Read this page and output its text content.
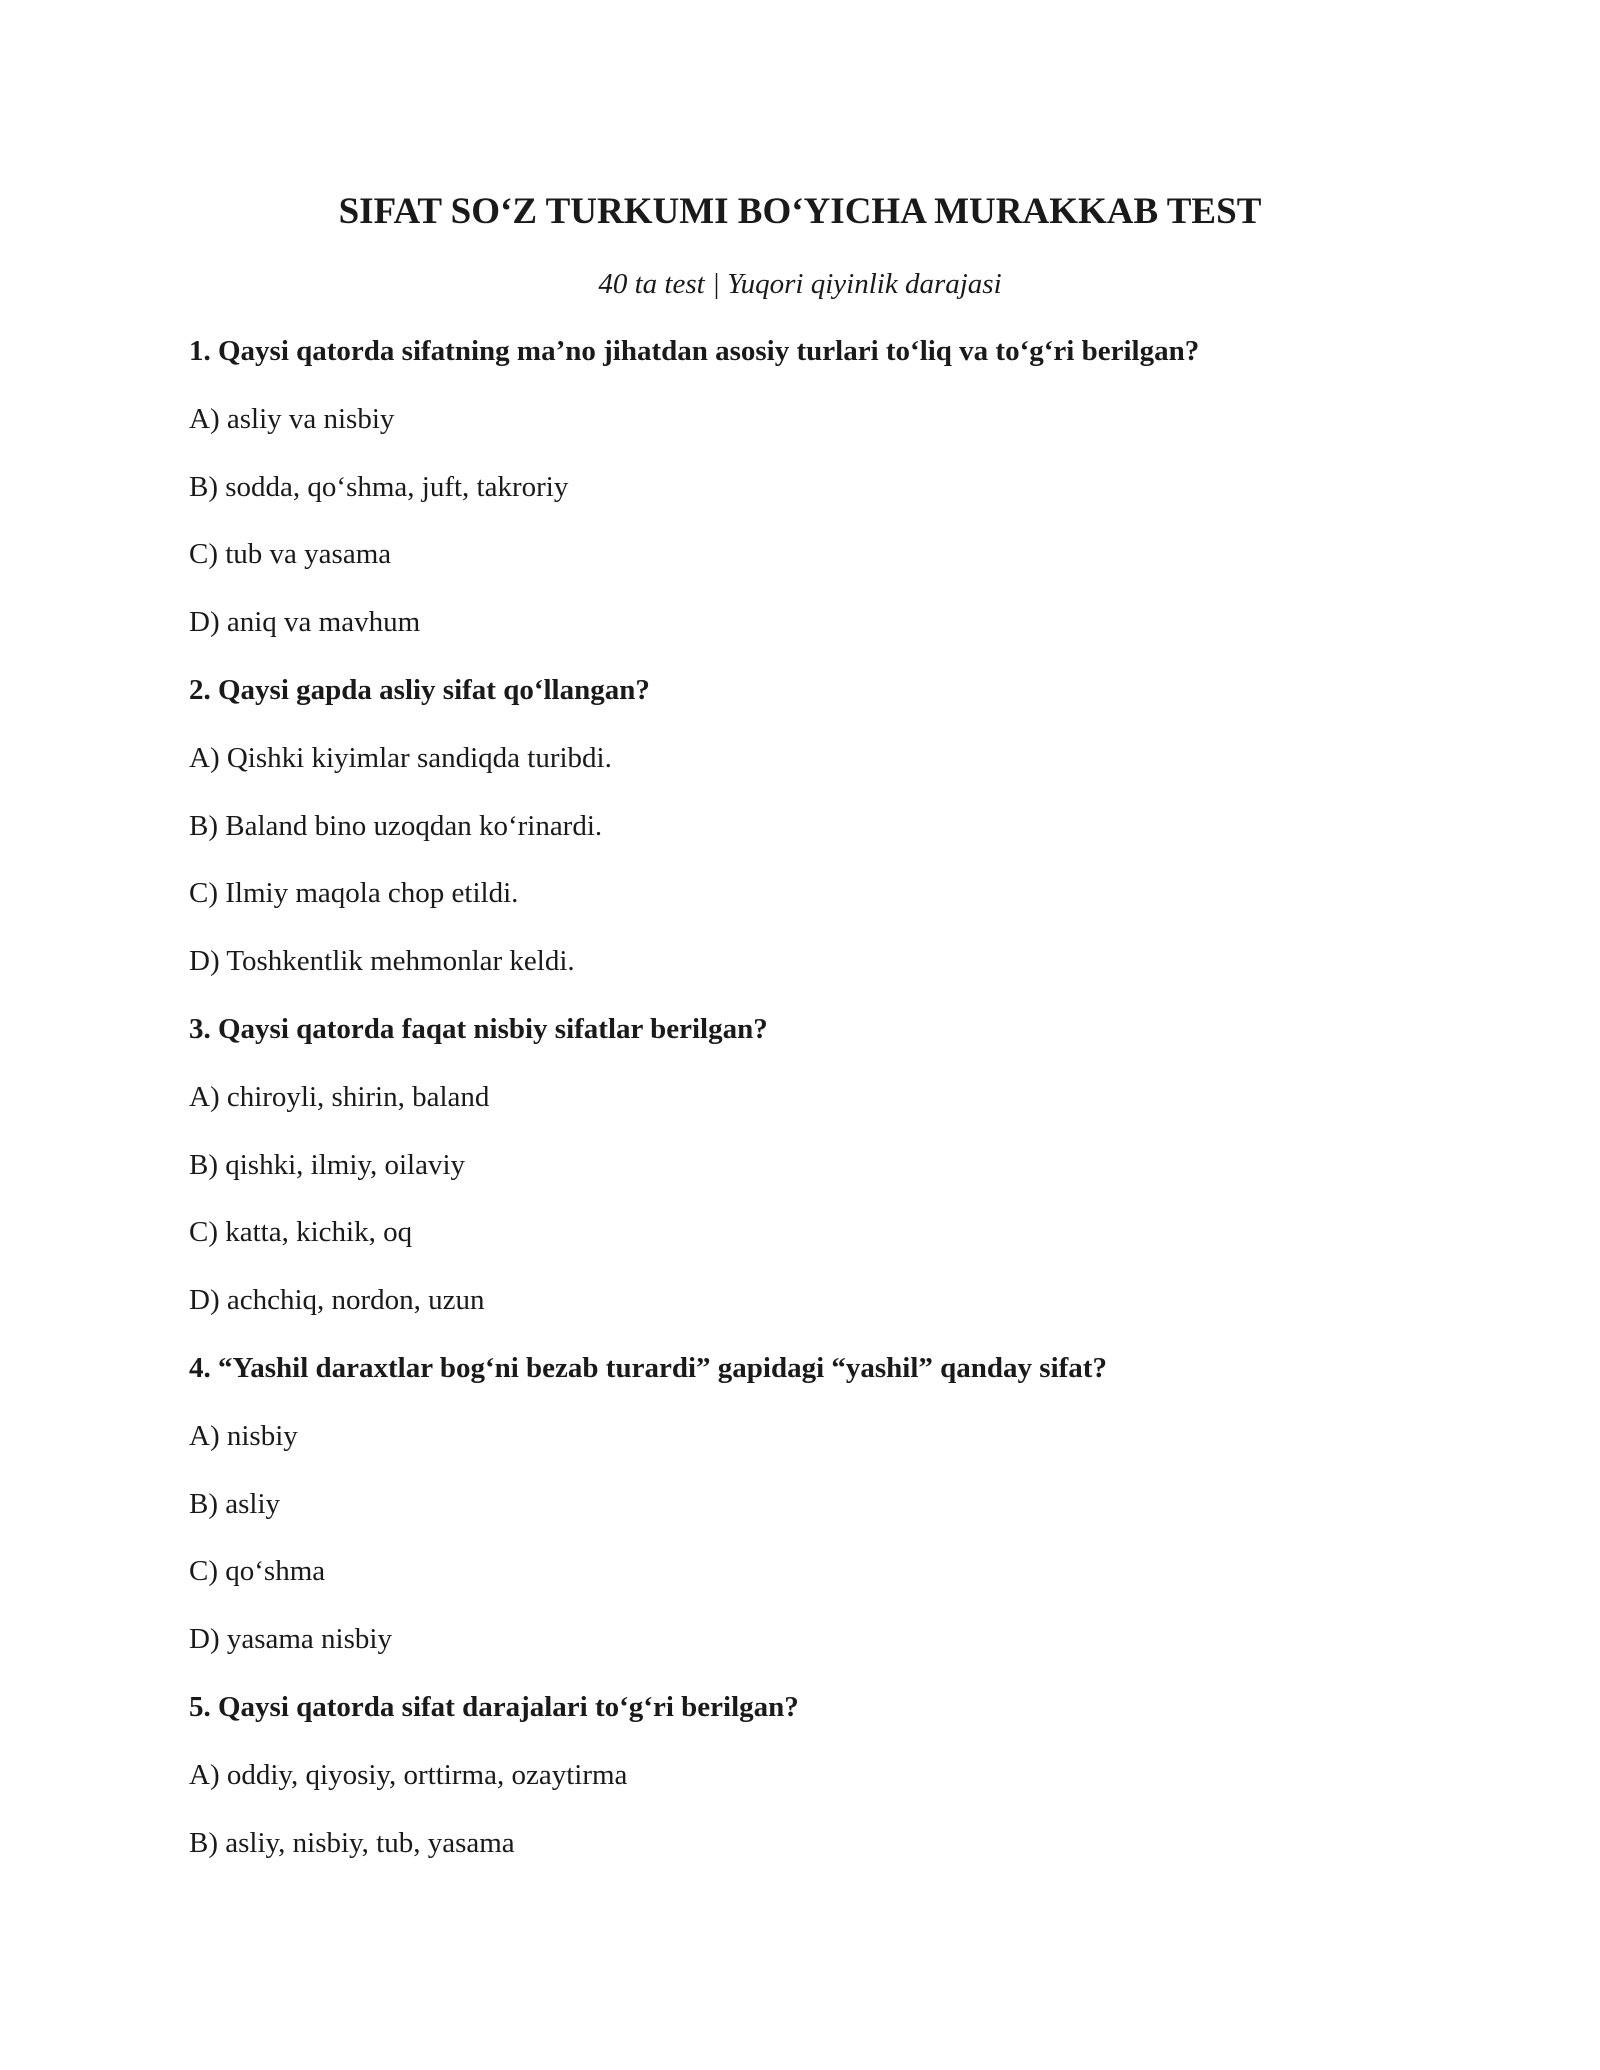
SIFAT SO‘Z TURKUMI BO‘YICHA MURAKKAB TEST
40 ta test | Yuqori qiyinlik darajasi
1. Qaysi qatorda sifatning ma’no jihatdan asosiy turlari to‘liq va to‘g‘ri berilgan?
A) asliy va nisbiy
B) sodda, qo‘shma, juft, takroriy
C) tub va yasama
D) aniq va mavhum
2. Qaysi gapda asliy sifat qo‘llangan?
A) Qishki kiyimlar sandiqda turibdi.
B) Baland bino uzoqdan ko‘rinardi.
C) Ilmiy maqola chop etildi.
D) Toshkentlik mehmonlar keldi.
3. Qaysi qatorda faqat nisbiy sifatlar berilgan?
A) chiroyli, shirin, baland
B) qishki, ilmiy, oilaviy
C) katta, kichik, oq
D) achchiq, nordon, uzun
4. “Yashil daraxtlar bog‘ni bezab turardi” gapidagi “yashil” qanday sifat?
A) nisbiy
B) asliy
C) qo‘shma
D) yasama nisbiy
5. Qaysi qatorda sifat darajalari to‘g‘ri berilgan?
A) oddiy, qiyosiy, orttirma, ozaytirma
B) asliy, nisbiy, tub, yasama
